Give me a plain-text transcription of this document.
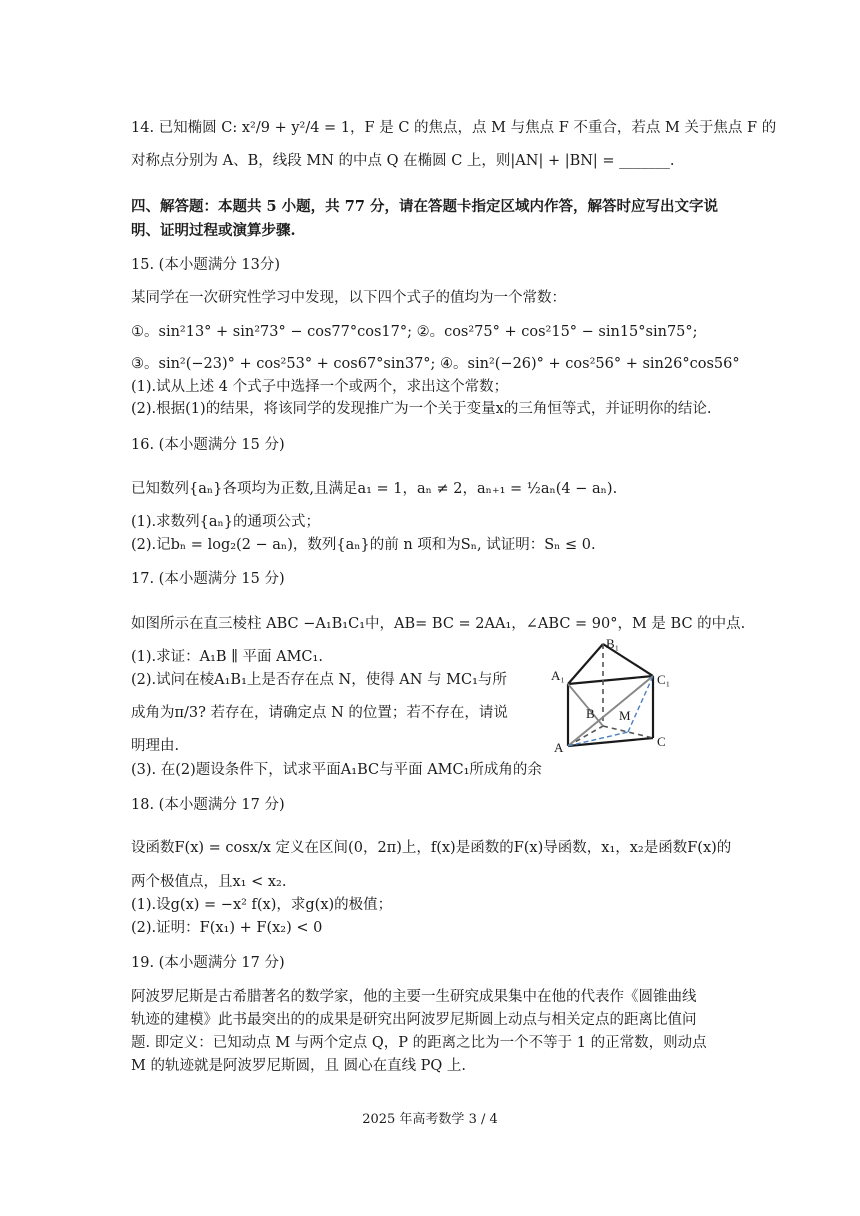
14. 已知椭圆 C: x²/9 + y²/4 = 1，F 是 C 的焦点，点 M 与焦点 F 不重合，若点 M 关于焦点 F 的
对称点分别为 A、B，线段 MN 的中点 Q 在椭圆 C 上，则|AN| + |BN| = _______.
四、解答题：本题共 5 小题，共 77 分，请在答题卡指定区域内作答，解答时应写出文字说
明、证明过程或演算步骤.
15. (本小题满分 13分)
某同学在一次研究性学习中发现，以下四个式子的值均为一个常数：
①。sin²13° + sin²73° − cos77°cos17°; ②。cos²75° + cos²15° − sin15°sin75°;
③。sin²(−23)° + cos²53° + cos67°sin37°; ④。sin²(−26)° + cos²56° + sin26°cos56°
(1).试从上述 4 个式子中选择一个或两个，求出这个常数；
(2).根据(1)的结果，将该同学的发现推广为一个关于变量x的三角恒等式，并证明你的结论.
16. (本小题满分 15 分)
已知数列{aₙ}各项均为正数,且满足a₁ = 1，aₙ ≠ 2，aₙ₊₁ = ½aₙ(4 − aₙ).
(1).求数列{aₙ}的通项公式；
(2).记bₙ = log₂(2 − aₙ)，数列{aₙ}的前 n 项和为Sₙ, 试证明：Sₙ ≤ 0.
17. (本小题满分 15 分)
如图所示在直三棱柱 ABC −A₁B₁C₁中，AB= BC = 2AA₁，∠ABC = 90°，M 是 BC 的中点.
(1).求证：A₁B ∥ 平面 AMC₁.
(2).试问在棱A₁B₁上是否存在点 N，使得 AN 与 MC₁与所
成角为π/3? 若存在，请确定点 N 的位置；若不存在，请说
明理由.
(3). 在(2)题设条件下，试求平面A₁BC与平面 AMC₁所成角的余
A₁
B₁
C₁
B M
A	C
18. (本小题满分 17 分)
设函数F(x) = cosx/x 定义在区间(0，2π)上，f(x)是函数的F(x)导函数，x₁，x₂是函数F(x)的
两个极值点，且x₁ < x₂.
(1).设g(x) = −x² f(x)，求g(x)的极值；
(2).证明：F(x₁) + F(x₂) < 0
19. (本小题满分 17 分)
阿波罗尼斯是古希腊著名的数学家，他的主要一生研究成果集中在他的代表作《圆锥曲线
轨迹的建模》此书最突出的的成果是研究出阿波罗尼斯圆上动点与相关定点的距离比值问
题. 即定义：已知动点 M 与两个定点 Q，P 的距离之比为一个不等于 1 的正常数，则动点
M 的轨迹就是阿波罗尼斯圆，且 圆心在直线 PQ 上.
2025 年高考数学 3 / 4
